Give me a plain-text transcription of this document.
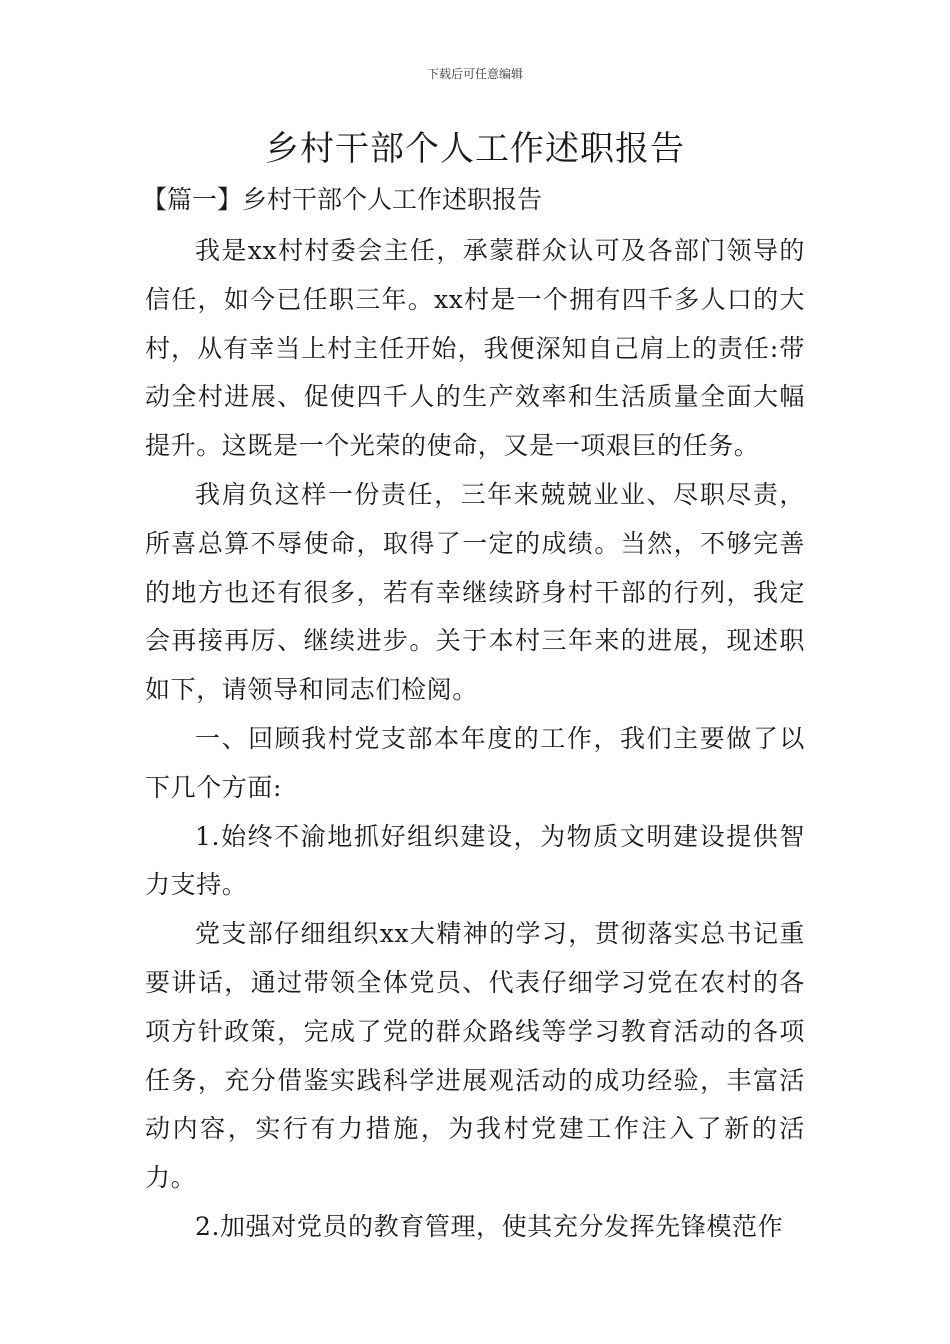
下载后可任意编辑
乡村干部个人工作述职报告
【篇一】乡村干部个人工作述职报告

我是xx村村委会主任，承蒙群众认可及各部门领导的信任，如今已任职三年。xx村是一个拥有四千多人口的大村，从有幸当上村主任开始，我便深知自己肩上的责任:带动全村进展、促使四千人的生产效率和生活质量全面大幅提升。这既是一个光荣的使命，又是一项艰巨的任务。

我肩负这样一份责任，三年来兢兢业业、尽职尽责，所喜总算不辱使命，取得了一定的成绩。当然，不够完善的地方也还有很多，若有幸继续跻身村干部的行列，我定会再接再厉、继续进步。关于本村三年来的进展，现述职如下，请领导和同志们检阅。

一、回顾我村党支部本年度的工作，我们主要做了以下几个方面:

1.始终不渝地抓好组织建设，为物质文明建设提供智力支持。

党支部仔细组织xx大精神的学习，贯彻落实总书记重要讲话，通过带领全体党员、代表仔细学习党在农村的各项方针政策，完成了党的群众路线等学习教育活动的各项任务，充分借鉴实践科学进展观活动的成功经验，丰富活动内容，实行有力措施，为我村党建工作注入了新的活力。

2.加强对党员的教育管理，使其充分发挥先锋模范作
